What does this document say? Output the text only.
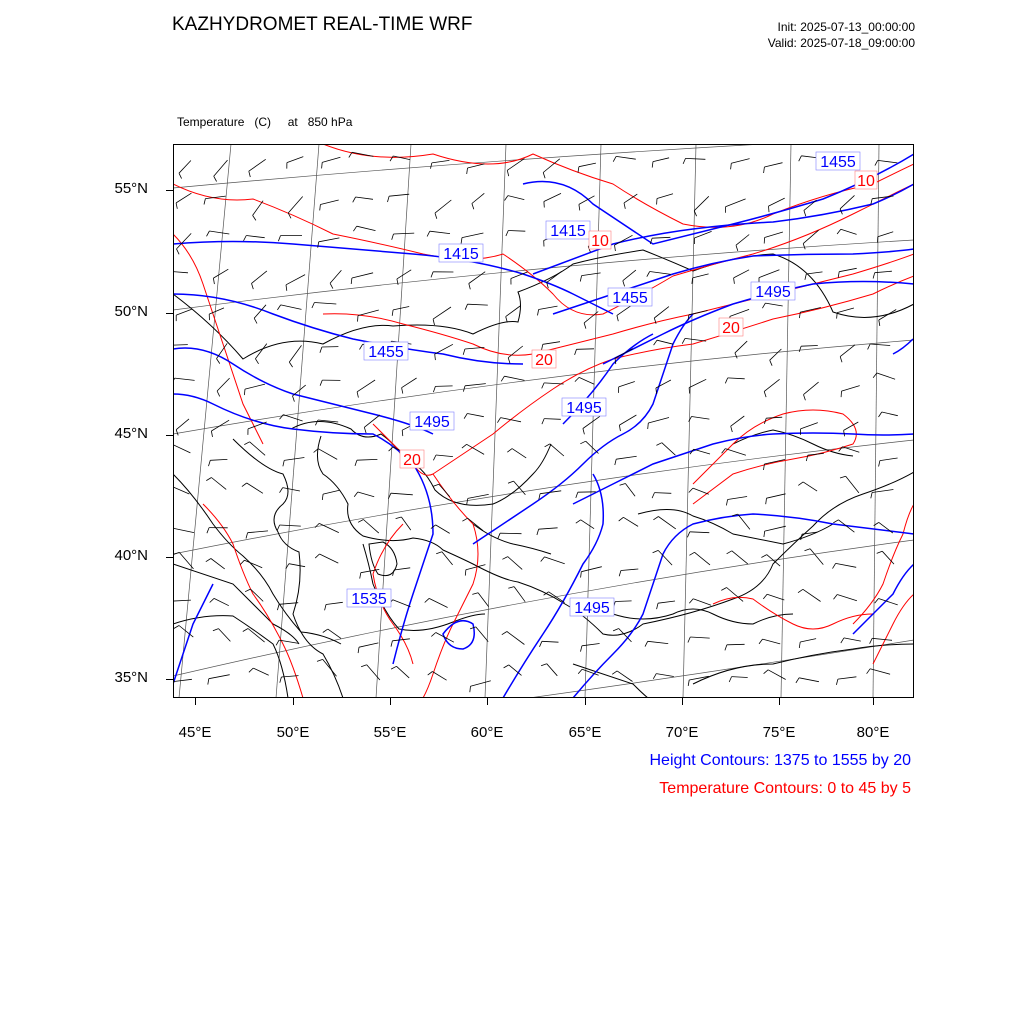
KAZHYDROMET REAL-TIME WRF	Init: 2025-07-13_00:00:00
Valid: 2025-07-18_09:00:00

Temperature   (C)     at   850 hPa

1455
1415
1415
1455	1495
1455
1495
1495
1535
1495
10
10
20
20
20
55°N
50°N
45°N
40°N
35°N
45°E	50°E	55°E	60°E	65°E	70°E	75°E	80°E
Height Contours: 1375 to 1555 by 20
Temperature Contours: 0 to 45 by 5
